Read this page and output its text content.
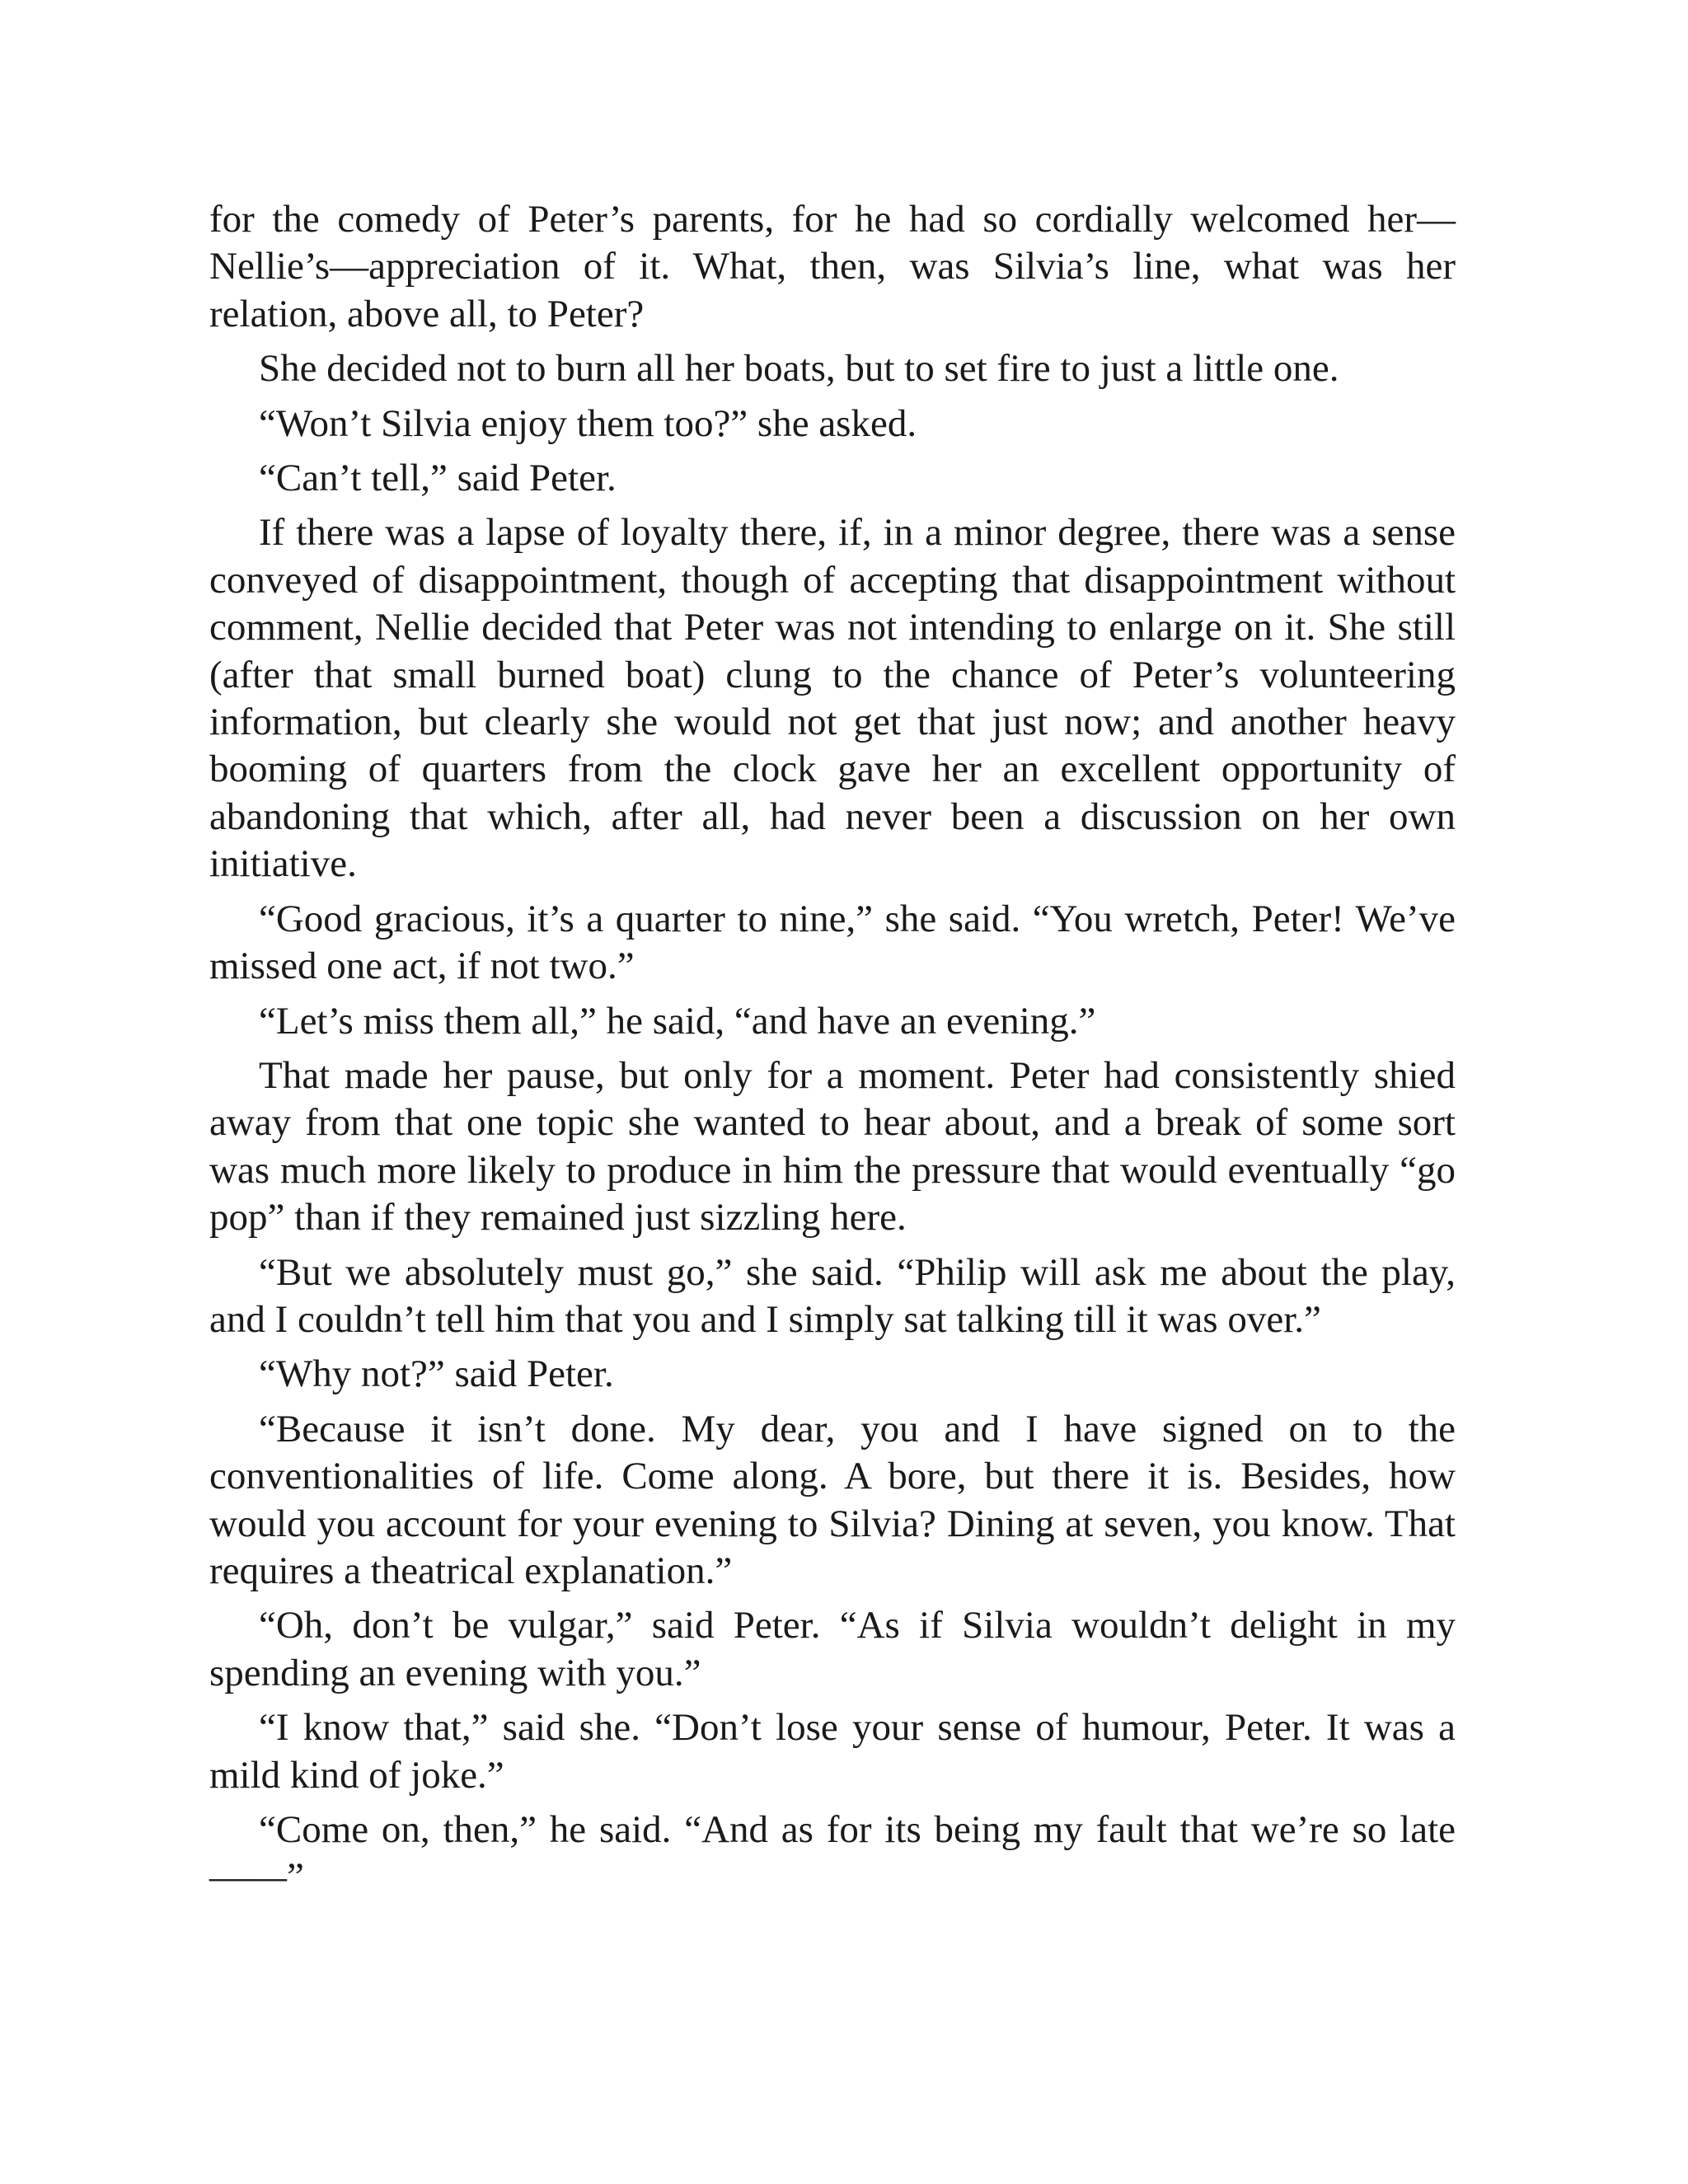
for the comedy of Peter’s parents, for he had so cordially welcomed her—Nellie’s—appreciation of it. What, then, was Silvia’s line, what was her relation, above all, to Peter?

She decided not to burn all her boats, but to set fire to just a little one.

“Won’t Silvia enjoy them too?” she asked.

“Can’t tell,” said Peter.

If there was a lapse of loyalty there, if, in a minor degree, there was a sense conveyed of disappointment, though of accepting that disappointment without comment, Nellie decided that Peter was not intending to enlarge on it. She still (after that small burned boat) clung to the chance of Peter’s volunteering information, but clearly she would not get that just now; and another heavy booming of quarters from the clock gave her an excellent opportunity of abandoning that which, after all, had never been a discussion on her own initiative.

“Good gracious, it’s a quarter to nine,” she said. “You wretch, Peter! We’ve missed one act, if not two.”

“Let’s miss them all,” he said, “and have an evening.”

That made her pause, but only for a moment. Peter had consistently shied away from that one topic she wanted to hear about, and a break of some sort was much more likely to produce in him the pressure that would eventually “go pop” than if they remained just sizzling here.

“But we absolutely must go,” she said. “Philip will ask me about the play, and I couldn’t tell him that you and I simply sat talking till it was over.”

“Why not?” said Peter.

“Because it isn’t done. My dear, you and I have signed on to the conventionalities of life. Come along. A bore, but there it is. Besides, how would you account for your evening to Silvia? Dining at seven, you know. That requires a theatrical explanation.”

“Oh, don’t be vulgar,” said Peter. “As if Silvia wouldn’t delight in my spending an evening with you.”

“I know that,” said she. “Don’t lose your sense of humour, Peter. It was a mild kind of joke.”

“Come on, then,” he said. “And as for its being my fault that we’re so late——”
